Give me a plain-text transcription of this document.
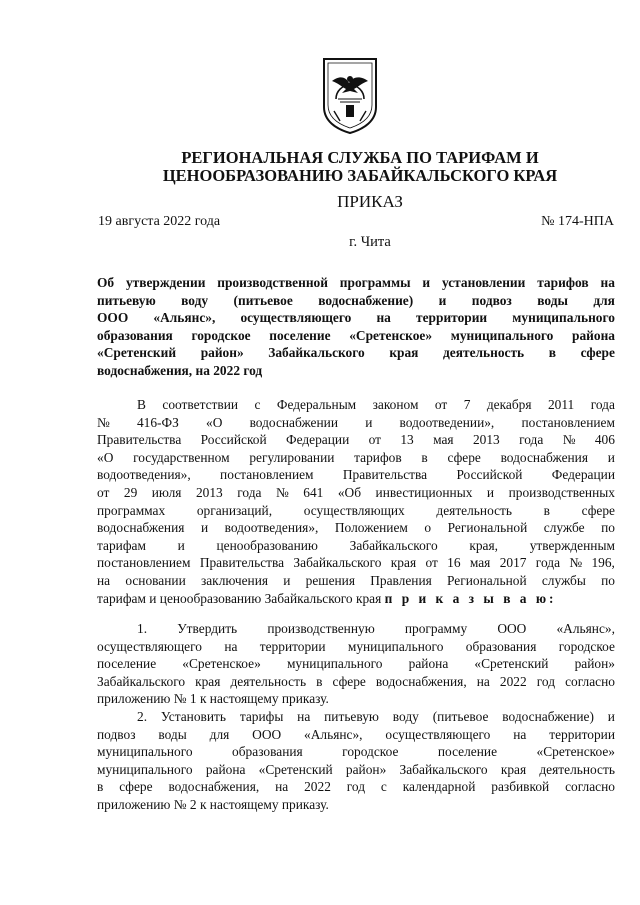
РЕГИОНАЛЬНАЯ СЛУЖБА ПО ТАРИФАМ И
ЦЕНООБРАЗОВАНИЮ ЗАБАЙКАЛЬСКОГО КРАЯ
ПРИКАЗ
19 августа 2022 года	№ 174-НПА
г. Чита
Об утверждении производственной программы и установлении тарифов на
питьевую воду (питьевое водоснабжение) и подвоз воды для
ООО «Альянс», осуществляющего на территории муниципального
образования городское поселение «Сретенское» муниципального района
«Сретенский район» Забайкальского края деятельность в сфере
водоснабжения, на 2022 год
В соответствии с Федеральным законом от 7 декабря 2011 года
№ 416-ФЗ «О водоснабжении и водоотведении», постановлением
Правительства Российской Федерации от 13 мая 2013 года № 406
«О государственном регулировании тарифов в сфере водоснабжения и
водоотведения», постановлением Правительства Российской Федерации
от 29 июля 2013 года № 641 «Об инвестиционных и производственных
программах организаций, осуществляющих деятельность в сфере
водоснабжения и водоотведения», Положением о Региональной службе по
тарифам и ценообразованию Забайкальского края, утвержденным
постановлением Правительства Забайкальского края от 16 мая 2017 года № 196,
на основании заключения и решения Правления Региональной службы по
тарифам и ценообразованию Забайкальского края
п р и к а з ы в а ю:
1. Утвердить производственную программу ООО «Альянс»,
осуществляющего на территории муниципального образования городское
поселение «Сретенское» муниципального района «Сретенский район»
Забайкальского края деятельность в сфере водоснабжения, на 2022 год согласно
приложению № 1 к настоящему приказу.
2. Установить тарифы на питьевую воду (питьевое водоснабжение) и
подвоз воды для ООО «Альянс», осуществляющего на территории
муниципального	образования	городское	поселение	«Сретенское»
муниципального района «Сретенский район» Забайкальского края деятельность
в сфере водоснабжения, на 2022 год с календарной разбивкой согласно
приложению № 2 к настоящему приказу.
